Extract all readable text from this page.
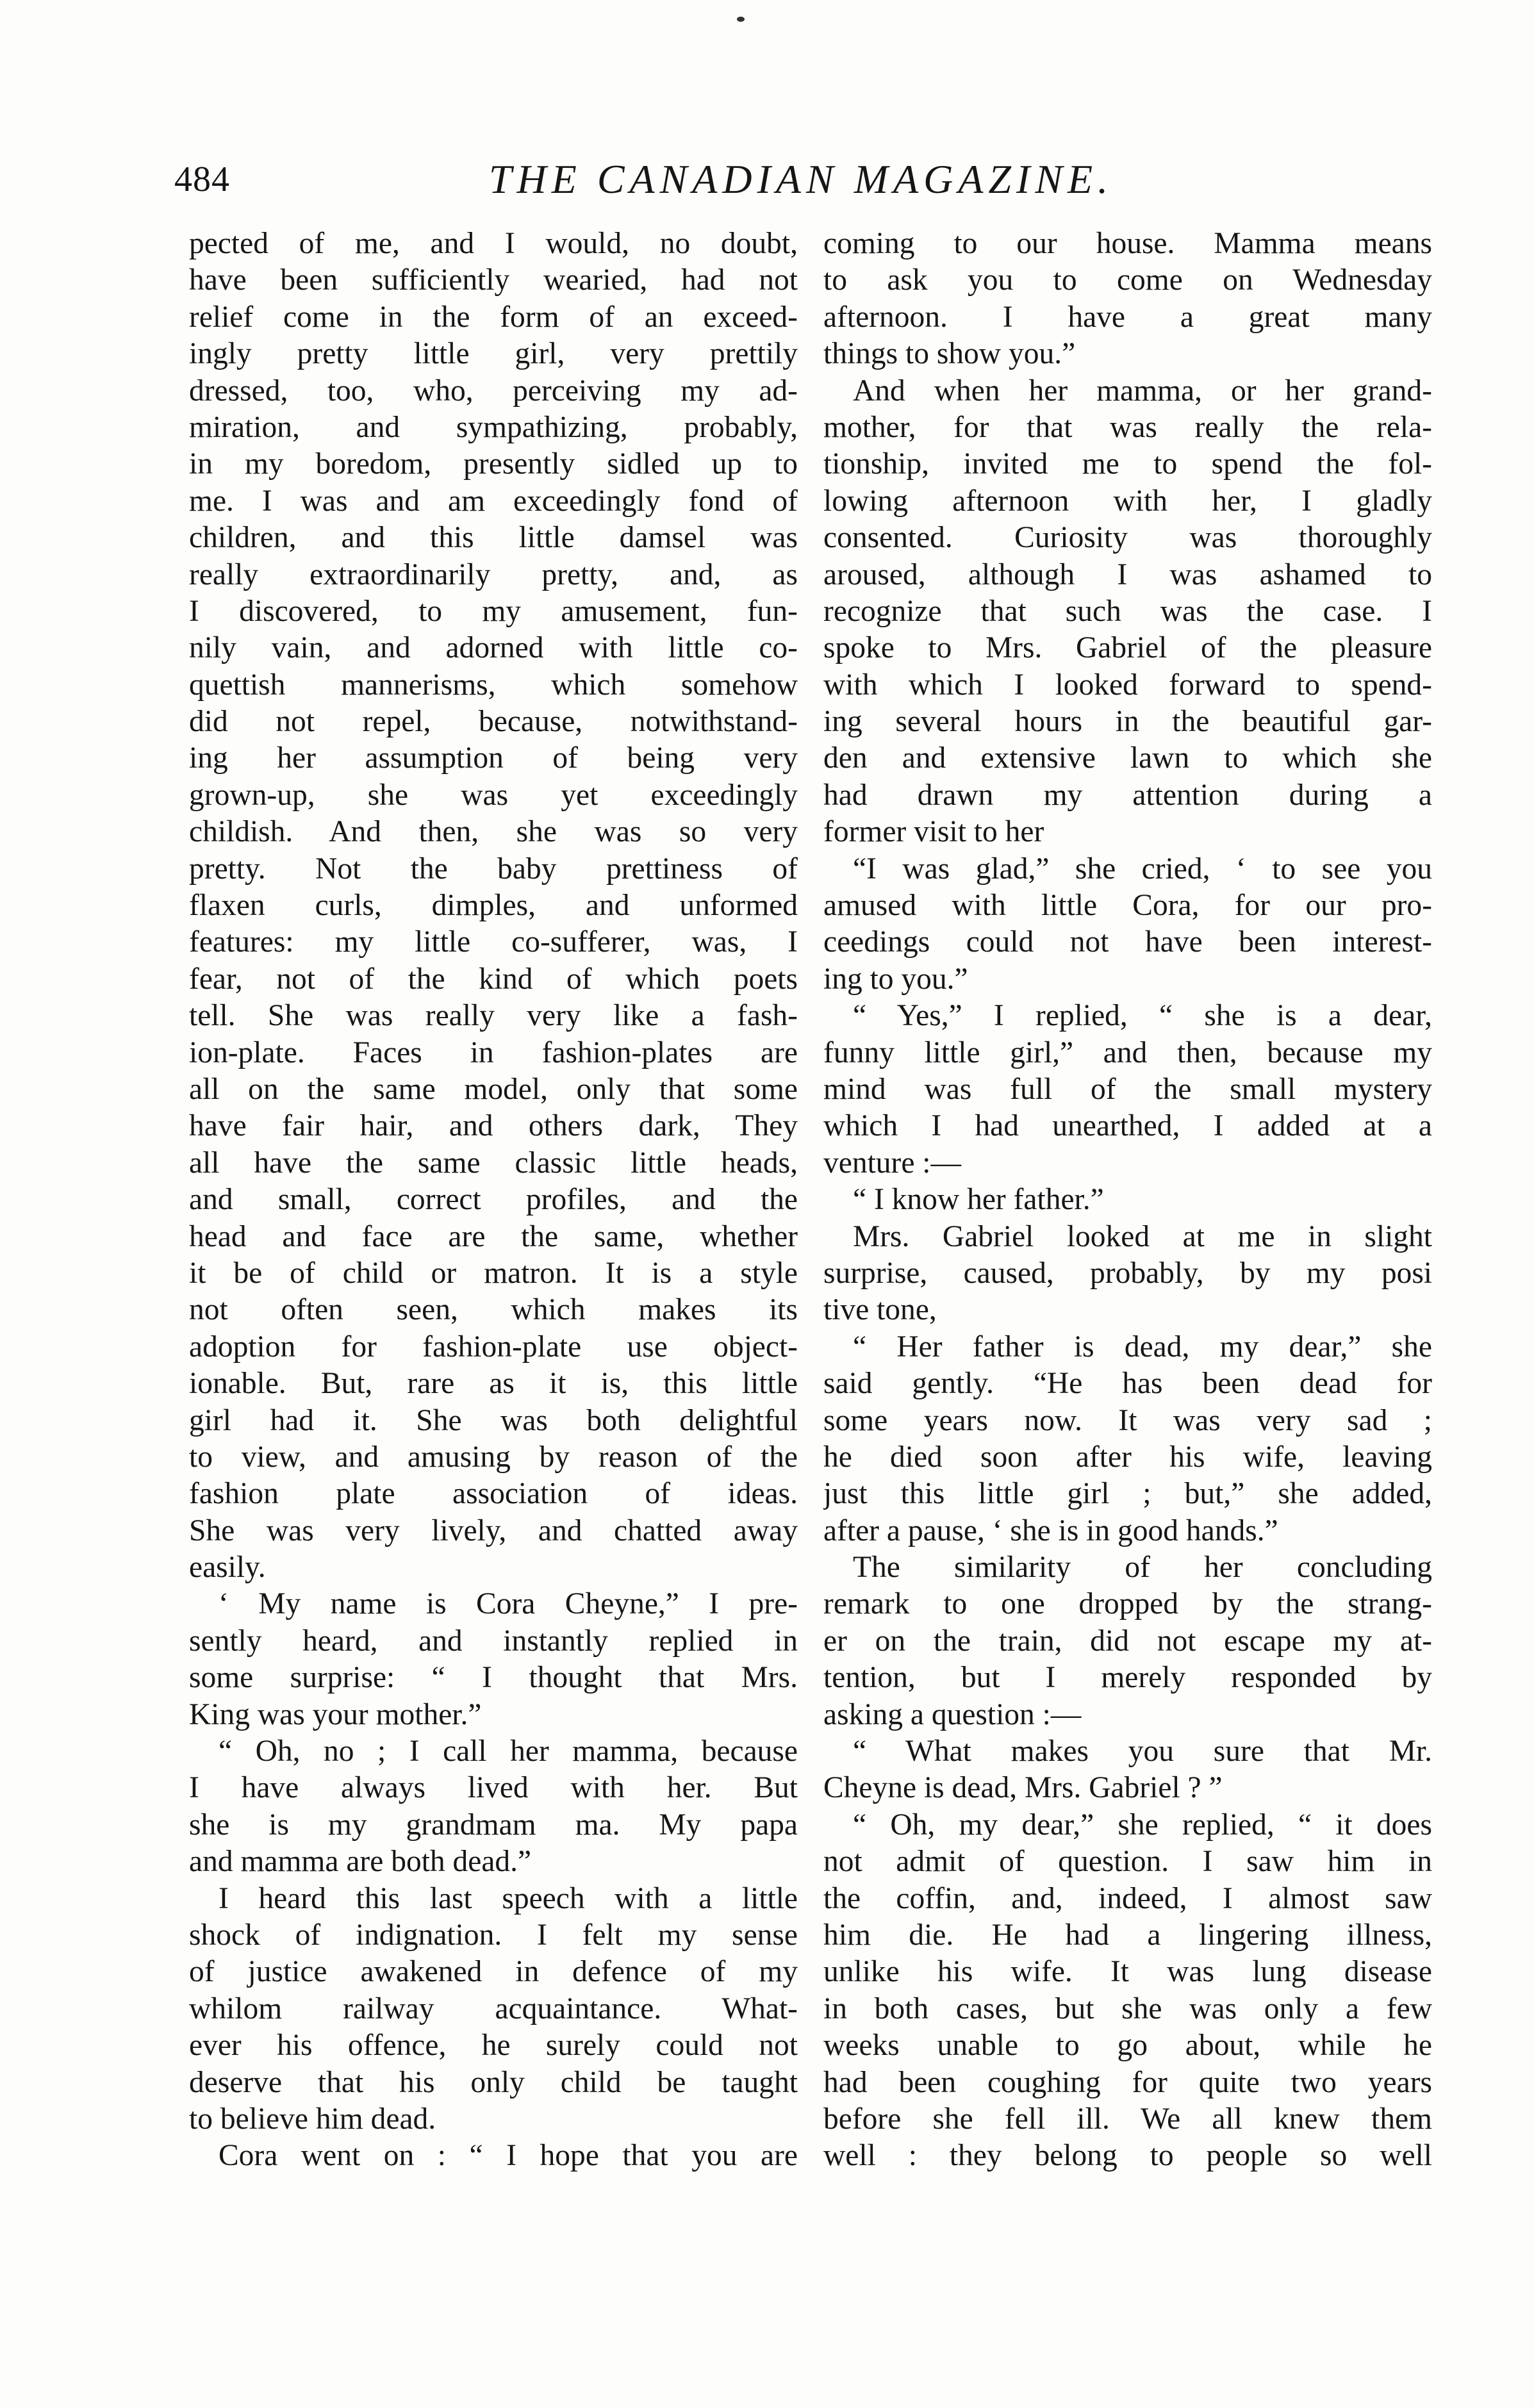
484	THE CANADIAN MAGAZINE.
pected of me, and I would, no doubt,
have been sufficiently wearied, had not
relief come in the form of an exceed-
ingly pretty little girl, very prettily
dressed, too, who, perceiving my ad-
miration, and sympathizing, probably,
in my boredom, presently sidled up to
me. I was and am exceedingly fond of
children, and this little damsel was
really extraordinarily pretty, and, as
I discovered, to my amusement, fun-
nily vain, and adorned with little co-
quettish mannerisms, which somehow
did not repel, because, notwithstand-
ing her assumption of being very
grown-up, she was yet exceedingly
childish. And then, she was so very
pretty. Not the baby prettiness of
flaxen curls, dimples, and unformed
features: my little co-sufferer, was, I
fear, not of the kind of which poets
tell. She was really very like a fash-
ion-plate. Faces in fashion-plates are
all on the same model, only that some
have fair hair, and others dark, They
all have the same classic little heads,
and small, correct profiles, and the
head and face are the same, whether
it be of child or matron. It is a style
not often seen, which makes its
adoption for fashion-plate use object-
ionable. But, rare as it is, this little
girl had it. She was both delightful
to view, and amusing by reason of the
fashion plate association of ideas.
She was very lively, and chatted away
easily.
‘ My name is Cora Cheyne,” I pre-
sently heard, and instantly replied in
some surprise: “ I thought that Mrs.
King was your mother.”
“ Oh, no ; I call her mamma, because
I have always lived with her. But
she is my grandmam ma. My papa
and mamma are both dead.”
I heard this last speech with a little
shock of indignation. I felt my sense
of justice awakened in defence of my
whilom railway acquaintance. What-
ever his offence, he surely could not
deserve that his only child be taught
to believe him dead.
Cora went on : “ I hope that you are
coming to our house. Mamma means
to ask you to come on Wednesday
afternoon. I have a great many
things to show you.”
And when her mamma, or her grand-
mother, for that was really the rela-
tionship, invited me to spend the fol-
lowing afternoon with her, I gladly
consented. Curiosity was thoroughly
aroused, although I was ashamed to
recognize that such was the case. I
spoke to Mrs. Gabriel of the pleasure
with which I looked forward to spend-
ing several hours in the beautiful gar-
den and extensive lawn to which she
had drawn my attention during a
former visit to her
“I was glad,” she cried, ‘ to see you
amused with little Cora, for our pro-
ceedings could not have been interest-
ing to you.”
“ Yes,” I replied, “ she is a dear,
funny little girl,” and then, because my
mind was full of the small mystery
which I had unearthed, I added at a
venture :—
“ I know her father.”
Mrs. Gabriel looked at me in slight
surprise, caused, probably, by my posi
tive tone,
“ Her father is dead, my dear,” she
said gently. “He has been dead for
some years now. It was very sad ;
he died soon after his wife, leaving
just this little girl ; but,” she added,
after a pause, ‘ she is in good hands.”
The similarity of her concluding
remark to one dropped by the strang-
er on the train, did not escape my at-
tention, but I merely responded by
asking a question :—
“ What makes you sure that Mr.
Cheyne is dead, Mrs. Gabriel ? ”
“ Oh, my dear,” she replied, “ it does
not admit of question. I saw him in
the coffin, and, indeed, I almost saw
him die. He had a lingering illness,
unlike his wife. It was lung disease
in both cases, but she was only a few
weeks unable to go about, while he
had been coughing for quite two years
before she fell ill. We all knew them
well : they belong to people so well
